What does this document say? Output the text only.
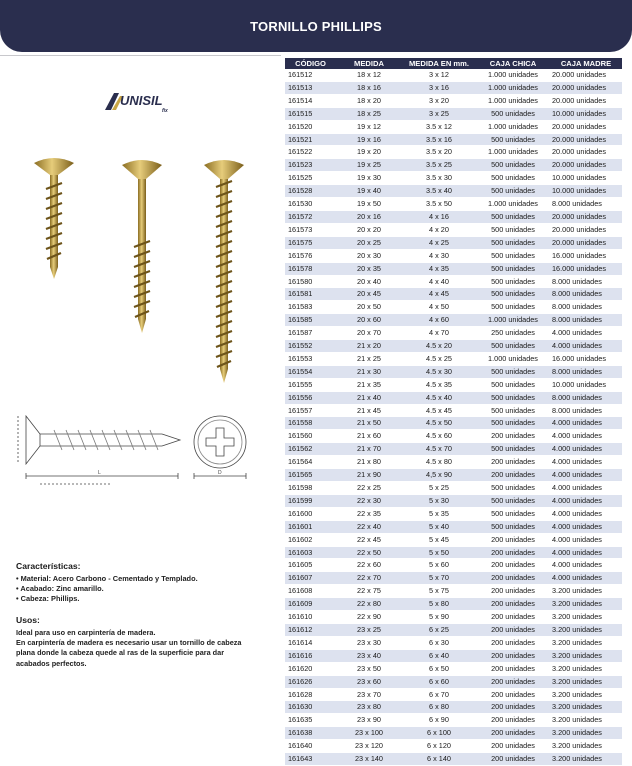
TORNILLO PHILLIPS
UNISIL
fix
L	D
Características:
• Material: Acero Carbono - Cementado y Templado.
• Acabado: Zinc amarillo.
• Cabeza: Phillips.
Usos:
Ideal para uso en carpintería de madera.
En carpintería de madera es necesario usar un tornillo de cabeza
plana donde la cabeza quede al ras de la superficie para dar
acabados perfectos.
CÓDIGO	MEDIDA	MEDIDA EN mm.	CAJA CHICA	CAJA MADRE
161512	18 x 12	3 x 12	1.000 unidades	20.000 unidades
161513	18 x 16	3 x 16	1.000 unidades	20.000 unidades
161514	18 x 20	3 x 20	1.000 unidades	20.000 unidades
161515	18 x 25	3 x 25	500 unidades	10.000 unidades
161520	19 x 12	3.5 x 12	1.000 unidades	20.000 unidades
161521	19 x 16	3.5 x 16	500 unidades	20.000 unidades
161522	19 x 20	3.5 x 20	1.000 unidades	20.000 unidades
161523	19 x 25	3.5 x 25	500 unidades	20.000 unidades
161525	19 x 30	3.5 x 30	500 unidades	10.000 unidades
161528	19 x 40	3.5 x 40	500 unidades	10.000 unidades
161530	19 x 50	3.5 x 50	1.000 unidades	8.000 unidades
161572	20 x 16	4 x 16	500 unidades	20.000 unidades
161573	20 x 20	4 x 20	500 unidades	20.000 unidades
161575	20 x 25	4 x 25	500 unidades	20.000 unidades
161576	20 x 30	4 x 30	500 unidades	16.000 unidades
161578	20 x 35	4 x 35	500 unidades	16.000 unidades
161580	20 x 40	4 x 40	500 unidades	8.000 unidades
161581	20 x 45	4 x 45	500 unidades	8.000 unidades
161583	20 x 50	4 x 50	500 unidades	8.000 unidades
161585	20 x 60	4 x 60	1.000 unidades	8.000 unidades
161587	20 x 70	4 x 70	250 unidades	4.000 unidades
161552	21 x 20	4.5 x 20	500 unidades	4.000 unidades
161553	21 x 25	4.5 x 25	1.000 unidades	16.000 unidades
161554	21 x 30	4.5 x 30	500 unidades	8.000 unidades
161555	21 x 35	4.5 x 35	500 unidades	10.000 unidades
161556	21 x 40	4.5 x 40	500 unidades	8.000 unidades
161557	21 x 45	4.5 x 45	500 unidades	8.000 unidades
161558	21 x 50	4.5 x 50	500 unidades	4.000 unidades
161560	21 x 60	4.5 x 60	200 unidades	4.000 unidades
161562	21 x 70	4.5 x 70	500 unidades	4.000 unidades
161564	21 x 80	4.5 x 80	200 unidades	4.000 unidades
161565	21 x 90	4,5 x 90	200 unidades	4.000 unidades
161598	22 x 25	5 x 25	500 unidades	4.000 unidades
161599	22 x 30	5 x 30	500 unidades	4.000 unidades
161600	22 x 35	5 x 35	500 unidades	4.000 unidades
161601	22 x 40	5 x 40	500 unidades	4.000 unidades
161602	22 x 45	5 x 45	200 unidades	4.000 unidades
161603	22 x 50	5 x 50	200 unidades	4.000 unidades
161605	22 x 60	5 x 60	200 unidades	4.000 unidades
161607	22 x 70	5 x 70	200 unidades	4.000 unidades
161608	22 x 75	5 x 75	200 unidades	3.200 unidades
161609	22 x 80	5 x 80	200 unidades	3.200 unidades
161610	22 x 90	5 x 90	200 unidades	3.200 unidades
161612	23 x 25	6 x 25	200 unidades	3.200 unidades
161614	23 x 30	6 x 30	200 unidades	3.200 unidades
161616	23 x 40	6 x 40	200 unidades	3.200 unidades
161620	23 x 50	6 x 50	200 unidades	3.200 unidades
161626	23 x 60	6 x 60	200 unidades	3.200 unidades
161628	23 x 70	6 x 70	200 unidades	3.200 unidades
161630	23 x 80	6 x 80	200 unidades	3.200 unidades
161635	23 x 90	6 x 90	200 unidades	3.200 unidades
161638	23 x 100	6 x 100	200 unidades	3.200 unidades
161640	23 x 120	6 x 120	200 unidades	3.200 unidades
161643	23 x 140	6 x 140	200 unidades	3.200 unidades
